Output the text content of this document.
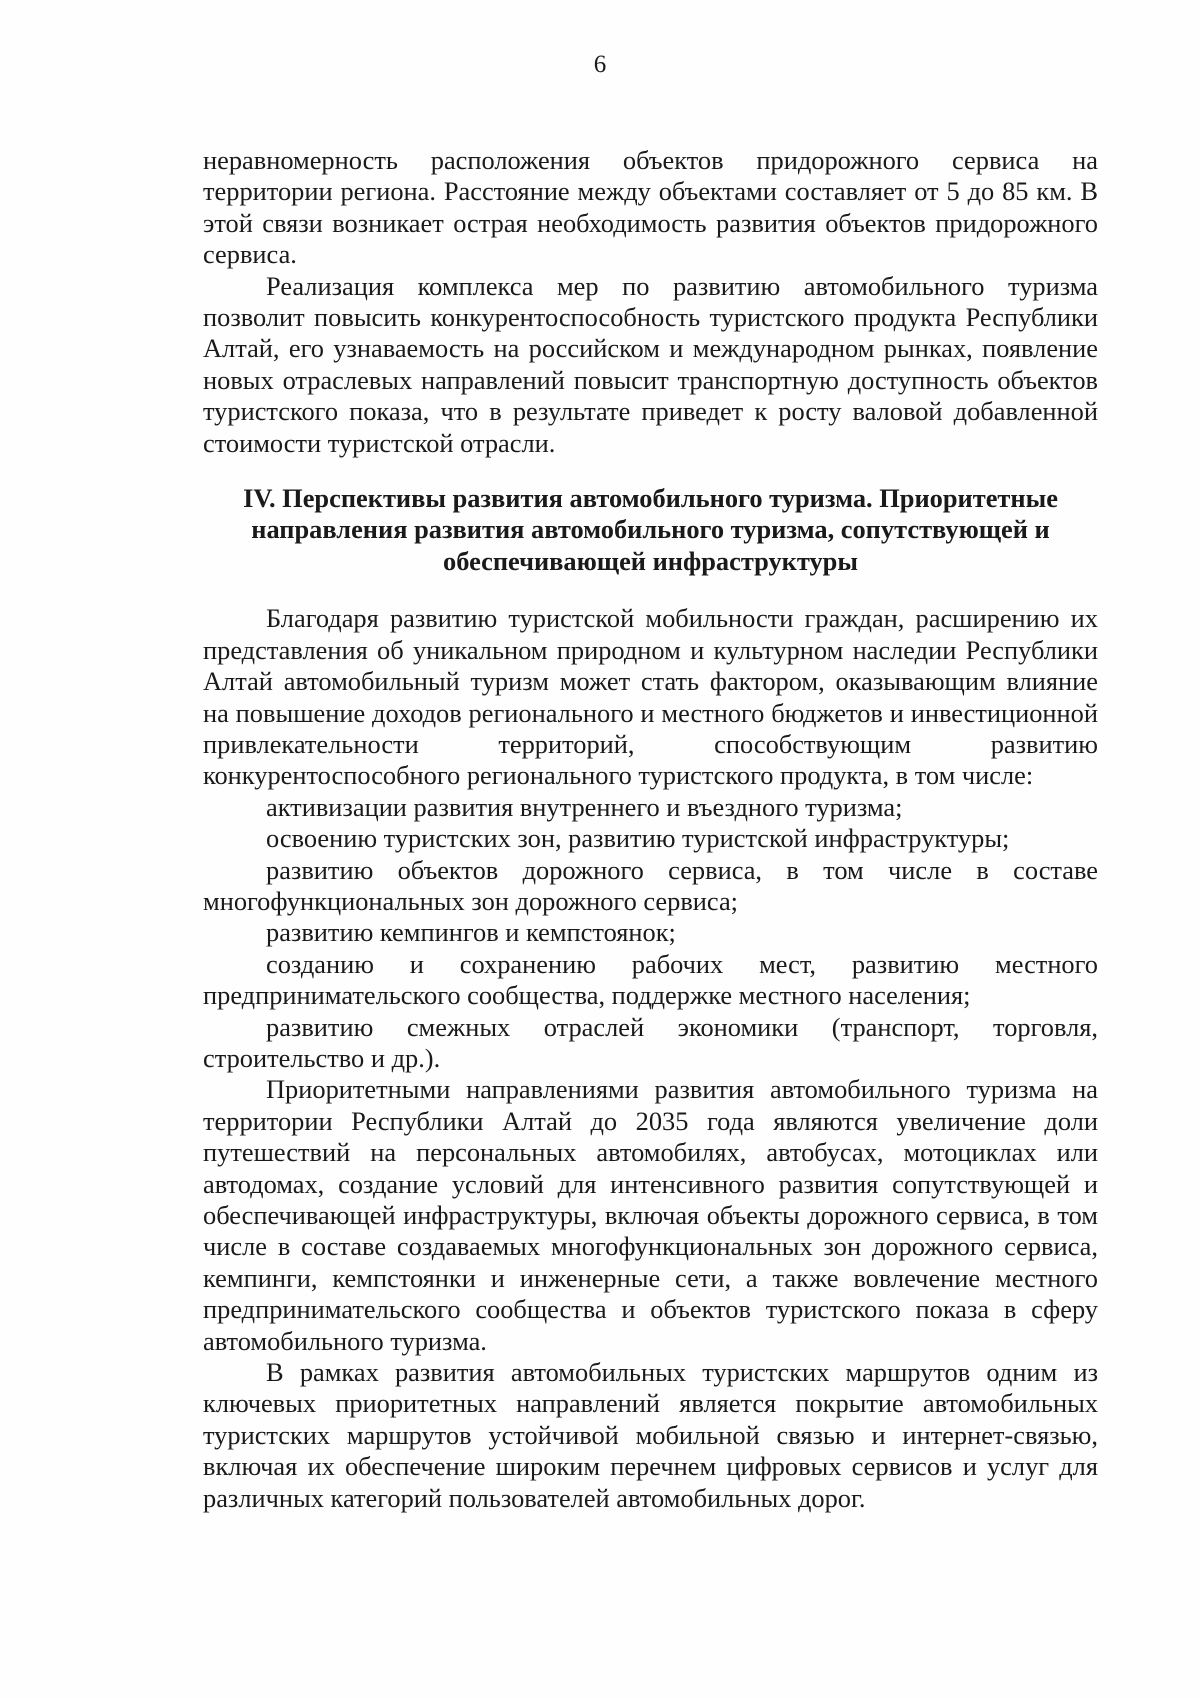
6

неравномерность расположения объектов придорожного сервиса на территории региона. Расстояние между объектами составляет от 5 до 85 км. В этой связи возникает острая необходимость развития объектов придорожного сервиса.

Реализация комплекса мер по развитию автомобильного туризма позволит повысить конкурентоспособность туристского продукта Республики Алтай, его узнаваемость на российском и международном рынках, появление новых отраслевых направлений повысит транспортную доступность объектов туристского показа, что в результате приведет к росту валовой добавленной стоимости туристской отрасли.

IV. Перспективы развития автомобильного туризма. Приоритетные
направления развития автомобильного туризма, сопутствующей и
обеспечивающей инфраструктуры

Благодаря развитию туристской мобильности граждан, расширению их представления об уникальном природном и культурном наследии Республики Алтай автомобильный туризм может стать фактором, оказывающим влияние на повышение доходов регионального и местного бюджетов и инвестиционной привлекательности территорий, способствующим развитию конкурентоспособного регионального туристского продукта, в том числе:

активизации развития внутреннего и въездного туризма;

освоению туристских зон, развитию туристской инфраструктуры;

развитию объектов дорожного сервиса, в том числе в составе многофункциональных зон дорожного сервиса;

развитию кемпингов и кемпстоянок;

созданию и сохранению рабочих мест, развитию местного предпринимательского сообщества, поддержке местного населения;

развитию смежных отраслей экономики (транспорт, торговля, строительство и др.).

Приоритетными направлениями развития автомобильного туризма на территории Республики Алтай до 2035 года являются увеличение доли путешествий на персональных автомобилях, автобусах, мотоциклах или автодомах, создание условий для интенсивного развития сопутствующей и обеспечивающей инфраструктуры, включая объекты дорожного сервиса, в том числе в составе создаваемых многофункциональных зон дорожного сервиса, кемпинги, кемпстоянки и инженерные сети, а также вовлечение местного предпринимательского сообщества и объектов туристского показа в сферу автомобильного туризма.

В рамках развития автомобильных туристских маршрутов одним из ключевых приоритетных направлений является покрытие автомобильных туристских маршрутов устойчивой мобильной связью и интернет-связью, включая их обеспечение широким перечнем цифровых сервисов и услуг для различных категорий пользователей автомобильных дорог.
